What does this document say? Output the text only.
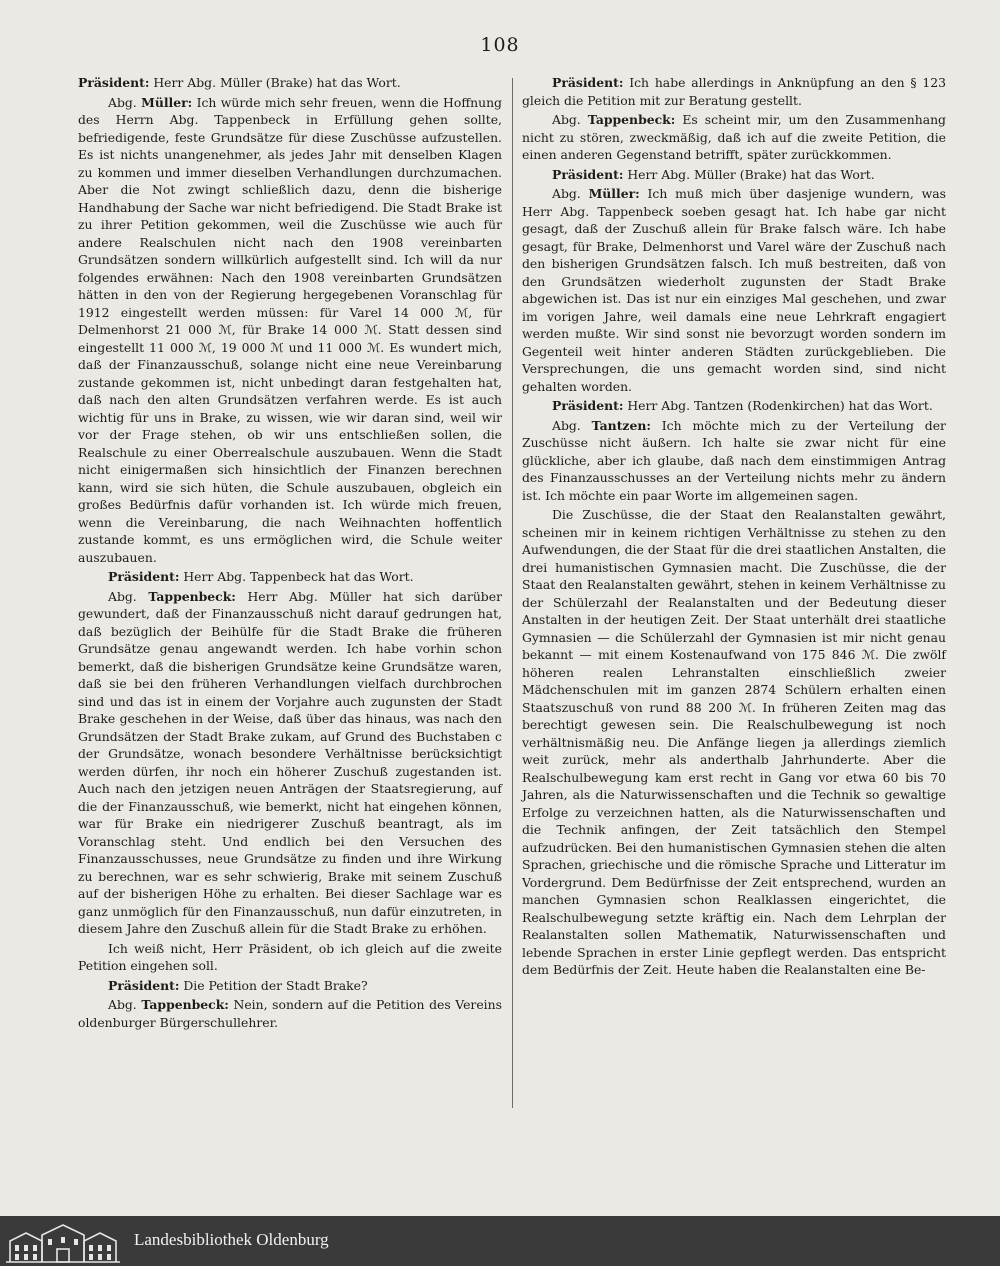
108

Präsident: Herr Abg. Müller (Brake) hat das Wort.

Abg. Müller: Ich würde mich sehr freuen, wenn die Hoffnung des Herrn Abg. Tappenbeck in Erfüllung gehen sollte, befriedigende, feste Grundsätze für diese Zuschüsse aufzustellen. Es ist nichts unangenehmer, als jedes Jahr mit denselben Klagen zu kommen und immer dieselben Verhandlungen durchzumachen. Aber die Not zwingt schließlich dazu, denn die bisherige Handhabung der Sache war nicht befriedigend. Die Stadt Brake ist zu ihrer Petition gekommen, weil die Zuschüsse wie auch für andere Realschulen nicht nach den 1908 vereinbarten Grundsätzen sondern willkürlich aufgestellt sind. Ich will da nur folgendes erwähnen: Nach den 1908 vereinbarten Grundsätzen hätten in den von der Regierung hergegebenen Voranschlag für 1912 eingestellt werden müssen: für Varel 14 000 ℳ, für Delmenhorst 21 000 ℳ, für Brake 14 000 ℳ. Statt dessen sind eingestellt 11 000 ℳ, 19 000 ℳ und 11 000 ℳ. Es wundert mich, daß der Finanzausschuß, solange nicht eine neue Vereinbarung zustande gekommen ist, nicht unbedingt daran festgehalten hat, daß nach den alten Grundsätzen verfahren werde. Es ist auch wichtig für uns in Brake, zu wissen, wie wir daran sind, weil wir vor der Frage stehen, ob wir uns entschließen sollen, die Realschule zu einer Oberrealschule auszubauen. Wenn die Stadt nicht einigermaßen sich hinsichtlich der Finanzen berechnen kann, wird sie sich hüten, die Schule auszubauen, obgleich ein großes Bedürfnis dafür vorhanden ist. Ich würde mich freuen, wenn die Vereinbarung, die nach Weihnachten hoffentlich zustande kommt, es uns ermöglichen wird, die Schule weiter auszubauen.

Präsident: Herr Abg. Tappenbeck hat das Wort.

Abg. Tappenbeck: Herr Abg. Müller hat sich darüber gewundert, daß der Finanzausschuß nicht darauf gedrungen hat, daß bezüglich der Beihülfe für die Stadt Brake die früheren Grundsätze genau angewandt werden. Ich habe vorhin schon bemerkt, daß die bisherigen Grundsätze keine Grundsätze waren, daß sie bei den früheren Verhandlungen vielfach durchbrochen sind und das ist in einem der Vorjahre auch zugunsten der Stadt Brake geschehen in der Weise, daß über das hinaus, was nach den Grundsätzen der Stadt Brake zukam, auf Grund des Buchstaben c der Grundsätze, wonach besondere Verhältnisse berücksichtigt werden dürfen, ihr noch ein höherer Zuschuß zugestanden ist. Auch nach den jetzigen neuen Anträgen der Staatsregierung, auf die der Finanzausschuß, wie bemerkt, nicht hat eingehen können, war für Brake ein niedrigerer Zuschuß beantragt, als im Voranschlag steht. Und endlich bei den Versuchen des Finanzausschusses, neue Grundsätze zu finden und ihre Wirkung zu berechnen, war es sehr schwierig, Brake mit seinem Zuschuß auf der bisherigen Höhe zu erhalten. Bei dieser Sachlage war es ganz unmöglich für den Finanzausschuß, nun dafür einzutreten, in diesem Jahre den Zuschuß allein für die Stadt Brake zu erhöhen.

Ich weiß nicht, Herr Präsident, ob ich gleich auf die zweite Petition eingehen soll.

Präsident: Die Petition der Stadt Brake?

Abg. Tappenbeck: Nein, sondern auf die Petition des Vereins oldenburger Bürgerschullehrer.

Präsident: Ich habe allerdings in Anknüpfung an den § 123 gleich die Petition mit zur Beratung gestellt.

Abg. Tappenbeck: Es scheint mir, um den Zusammenhang nicht zu stören, zweckmäßig, daß ich auf die zweite Petition, die einen anderen Gegenstand betrifft, später zurückkommen.

Präsident: Herr Abg. Müller (Brake) hat das Wort.

Abg. Müller: Ich muß mich über dasjenige wundern, was Herr Abg. Tappenbeck soeben gesagt hat. Ich habe gar nicht gesagt, daß der Zuschuß allein für Brake falsch wäre. Ich habe gesagt, für Brake, Delmenhorst und Varel wäre der Zuschuß nach den bisherigen Grundsätzen falsch. Ich muß bestreiten, daß von den Grundsätzen wiederholt zugunsten der Stadt Brake abgewichen ist. Das ist nur ein einziges Mal geschehen, und zwar im vorigen Jahre, weil damals eine neue Lehrkraft engagiert werden mußte. Wir sind sonst nie bevorzugt worden sondern im Gegenteil weit hinter anderen Städten zurückgeblieben. Die Versprechungen, die uns gemacht worden sind, sind nicht gehalten worden.

Präsident: Herr Abg. Tantzen (Rodenkirchen) hat das Wort.

Abg. Tantzen: Ich möchte mich zu der Verteilung der Zuschüsse nicht äußern. Ich halte sie zwar nicht für eine glückliche, aber ich glaube, daß nach dem einstimmigen Antrag des Finanzausschusses an der Verteilung nichts mehr zu ändern ist. Ich möchte ein paar Worte im allgemeinen sagen.

Die Zuschüsse, die der Staat den Realanstalten gewährt, scheinen mir in keinem richtigen Verhältnisse zu stehen zu den Aufwendungen, die der Staat für die drei staatlichen Anstalten, die drei humanistischen Gymnasien macht. Die Zuschüsse, die der Staat den Realanstalten gewährt, stehen in keinem Verhältnisse zu der Schülerzahl der Realanstalten und der Bedeutung dieser Anstalten in der heutigen Zeit. Der Staat unterhält drei staatliche Gymnasien — die Schülerzahl der Gymnasien ist mir nicht genau bekannt — mit einem Kostenaufwand von 175 846 ℳ. Die zwölf höheren realen Lehranstalten einschließlich zweier Mädchenschulen mit im ganzen 2874 Schülern erhalten einen Staatszuschuß von rund 88 200 ℳ. In früheren Zeiten mag das berechtigt gewesen sein. Die Realschulbewegung ist noch verhältnismäßig neu. Die Anfänge liegen ja allerdings ziemlich weit zurück, mehr als anderthalb Jahrhunderte. Aber die Realschulbewegung kam erst recht in Gang vor etwa 60 bis 70 Jahren, als die Naturwissenschaften und die Technik so gewaltige Erfolge zu verzeichnen hatten, als die Naturwissenschaften und die Technik anfingen, der Zeit tatsächlich den Stempel aufzudrücken. Bei den humanistischen Gymnasien stehen die alten Sprachen, griechische und die römische Sprache und Litteratur im Vordergrund. Dem Bedürfnisse der Zeit entsprechend, wurden an manchen Gymnasien schon Realklassen eingerichtet, die Realschulbewegung setzte kräftig ein. Nach dem Lehrplan der Realanstalten sollen Mathematik, Naturwissenschaften und lebende Sprachen in erster Linie gepflegt werden. Das entspricht dem Bedürfnis der Zeit. Heute haben die Realanstalten eine Be-

Landesbibliothek Oldenburg
